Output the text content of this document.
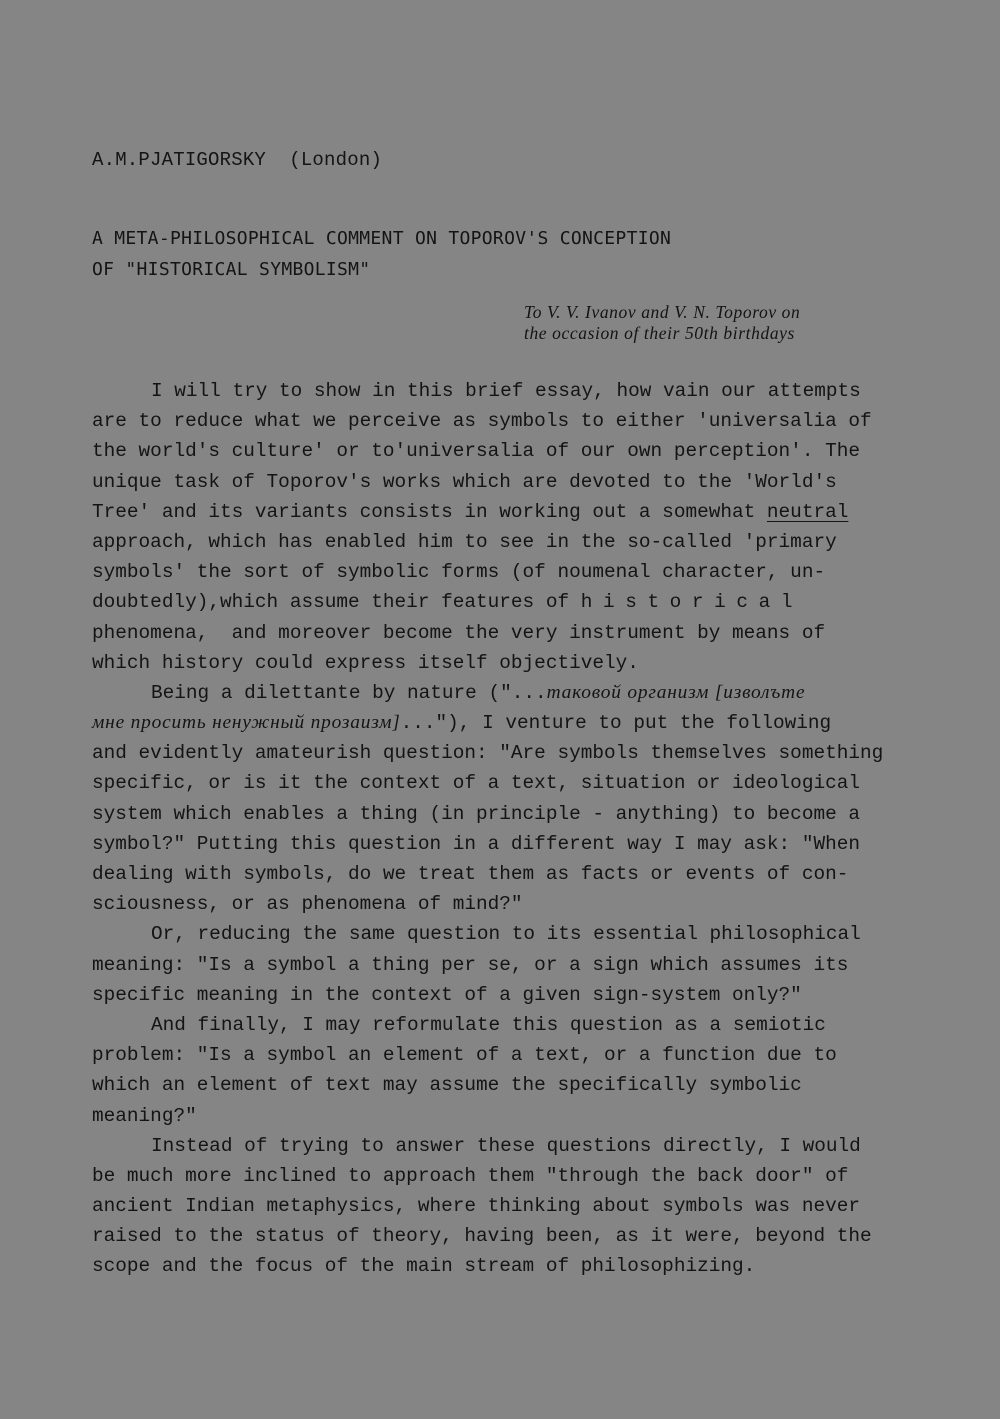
A.M.PJATIGORSKY  (London)
A META-PHILOSOPHICAL COMMENT ON TOPOROV'S CONCEPTION
OF "HISTORICAL SYMBOLISM"
To V. V. Ivanov and V. N. Toporov on
the occasion of their 50th birthdays
I will try to show in this brief essay, how vain our attempts
are to reduce what we perceive as symbols to either 'universalia of
the world's culture' or to'universalia of our own perception'. The
unique task of Toporov's works which are devoted to the 'World's
Tree' and its variants consists in working out a somewhat neutral
approach, which has enabled him to see in the so-called 'primary
symbols' the sort of symbolic forms (of noumenal character, un-
doubtedly),which assume their features of historical
phenomena,  and moreover become the very instrument by means of
which history could express itself objectively.
Being a dilettante by nature ("...таковой организм [изволъте
мне просить ненужный прозаизм]..."), I venture to put the following
and evidently amateurish question: "Are symbols themselves something
specific, or is it the context of a text, situation or ideological
system which enables a thing (in principle - anything) to become a
symbol?" Putting this question in a different way I may ask: "When
dealing with symbols, do we treat them as facts or events of con-
sciousness, or as phenomena of mind?"
Or, reducing the same question to its essential philosophical
meaning: "Is a symbol a thing per se, or a sign which assumes its
specific meaning in the context of a given sign-system only?"
And finally, I may reformulate this question as a semiotic
problem: "Is a symbol an element of a text, or a function due to
which an element of text may assume the specifically symbolic
meaning?"
Instead of trying to answer these questions directly, I would
be much more inclined to approach them "through the back door" of
ancient Indian metaphysics, where thinking about symbols was never
raised to the status of theory, having been, as it were, beyond the
scope and the focus of the main stream of philosophizing.
